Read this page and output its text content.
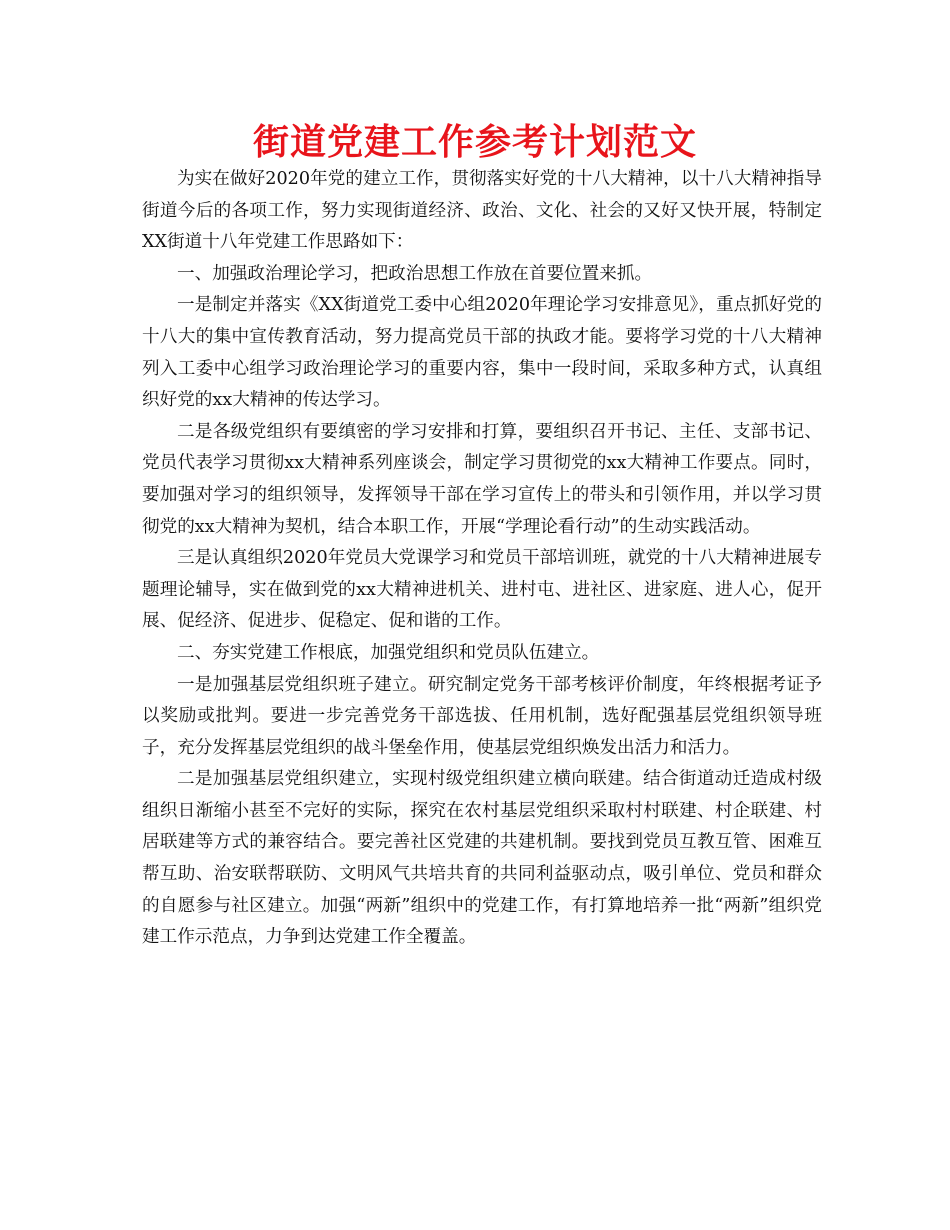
街道党建工作参考计划范文

为实在做好2020年党的建立工作，贯彻落实好党的十八大精神，以十八大精神指导街道今后的各项工作，努力实现街道经济、政治、文化、社会的又好又快开展，特制定XX街道十八年党建工作思路如下：

一、加强政治理论学习，把政治思想工作放在首要位置来抓。

一是制定并落实《XX街道党工委中心组2020年理论学习安排意见》，重点抓好党的十八大的集中宣传教育活动，努力提高党员干部的执政才能。要将学习党的十八大精神列入工委中心组学习政治理论学习的重要内容，集中一段时间，采取多种方式，认真组织好党的xx大精神的传达学习。

二是各级党组织有要缜密的学习安排和打算，要组织召开书记、主任、支部书记、党员代表学习贯彻xx大精神系列座谈会，制定学习贯彻党的xx大精神工作要点。同时，要加强对学习的组织领导，发挥领导干部在学习宣传上的带头和引领作用，并以学习贯彻党的xx大精神为契机，结合本职工作，开展“学理论看行动”的生动实践活动。

三是认真组织2020年党员大党课学习和党员干部培训班，就党的十八大精神进展专题理论辅导，实在做到党的xx大精神进机关、进村屯、进社区、进家庭、进人心，促开展、促经济、促进步、促稳定、促和谐的工作。

二、夯实党建工作根底，加强党组织和党员队伍建立。

一是加强基层党组织班子建立。研究制定党务干部考核评价制度，年终根据考证予以奖励或批判。要进一步完善党务干部选拔、任用机制，选好配强基层党组织领导班子，充分发挥基层党组织的战斗堡垒作用，使基层党组织焕发出活力和活力。

二是加强基层党组织建立，实现村级党组织建立横向联建。结合街道动迁造成村级组织日渐缩小甚至不完好的实际，探究在农村基层党组织采取村村联建、村企联建、村居联建等方式的兼容结合。要完善社区党建的共建机制。要找到党员互教互管、困难互帮互助、治安联帮联防、文明风气共培共育的共同利益驱动点，吸引单位、党员和群众的自愿参与社区建立。加强“两新”组织中的党建工作，有打算地培养一批“两新”组织党建工作示范点，力争到达党建工作全覆盖。
